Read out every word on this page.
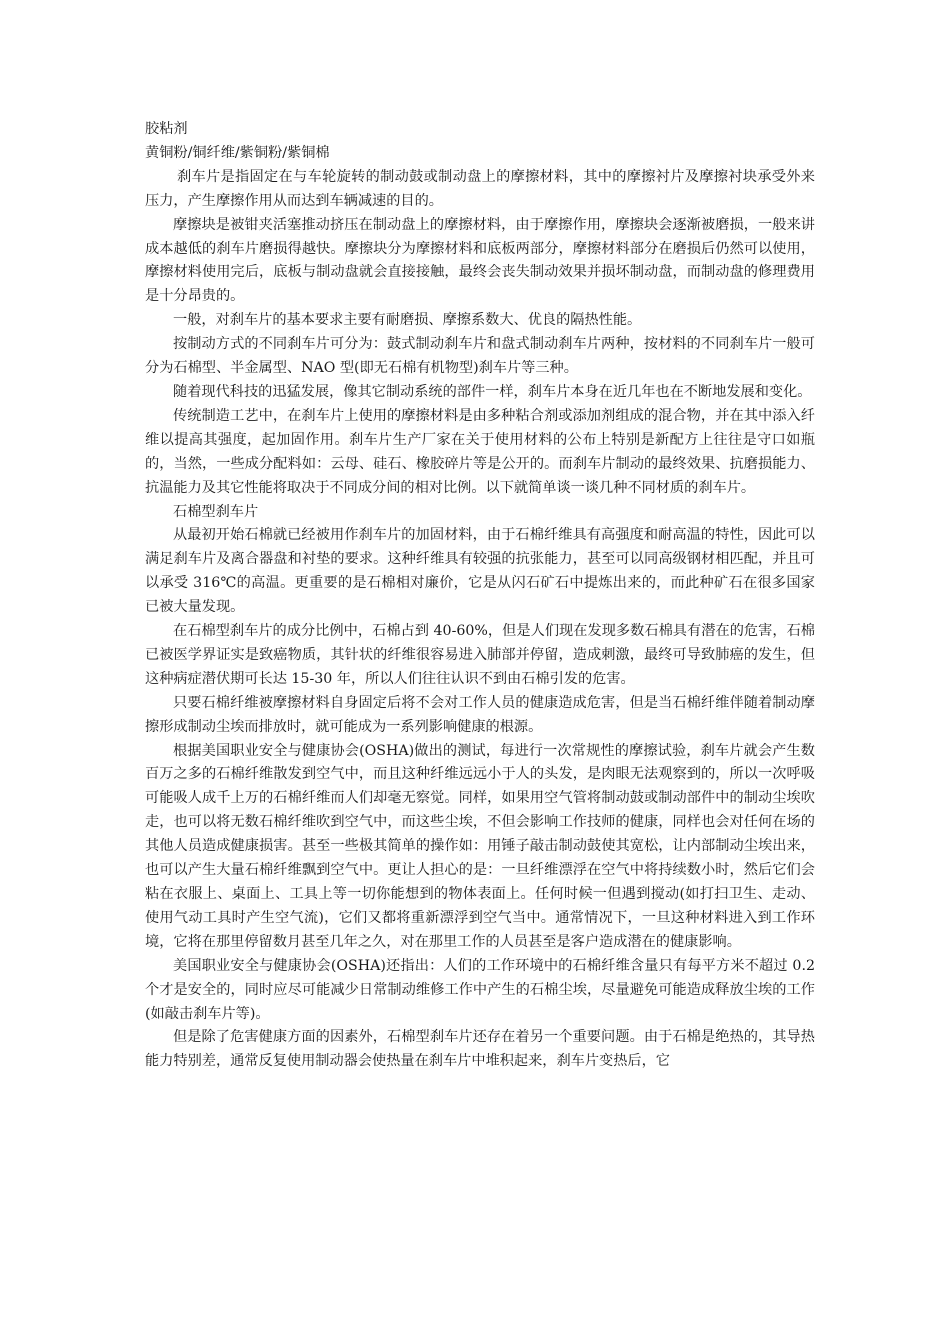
胶粘剂

黄铜粉/铜纤维/紫铜粉/紫铜棉

刹车片是指固定在与车轮旋转的制动鼓或制动盘上的摩擦材料，其中的摩擦衬片及摩擦衬块承受外来压力，产生摩擦作用从而达到车辆减速的目的。

摩擦块是被钳夹活塞推动挤压在制动盘上的摩擦材料，由于摩擦作用，摩擦块会逐渐被磨损，一般来讲成本越低的刹车片磨损得越快。摩擦块分为摩擦材料和底板两部分，摩擦材料部分在磨损后仍然可以使用，摩擦材料使用完后，底板与制动盘就会直接接触，最终会丧失制动效果并损坏制动盘，而制动盘的修理费用是十分昂贵的。

一般，对刹车片的基本要求主要有耐磨损、摩擦系数大、优良的隔热性能。

按制动方式的不同刹车片可分为：鼓式制动刹车片和盘式制动刹车片两种，按材料的不同刹车片一般可分为石棉型、半金属型、NAO 型(即无石棉有机物型)刹车片等三种。

随着现代科技的迅猛发展，像其它制动系统的部件一样，刹车片本身在近几年也在不断地发展和变化。

传统制造工艺中，在刹车片上使用的摩擦材料是由多种粘合剂或添加剂组成的混合物，并在其中添入纤维以提高其强度，起加固作用。刹车片生产厂家在关于使用材料的公布上特别是新配方上往往是守口如瓶的，当然，一些成分配料如：云母、硅石、橡胶碎片等是公开的。而刹车片制动的最终效果、抗磨损能力、抗温能力及其它性能将取决于不同成分间的相对比例。以下就简单谈一谈几种不同材质的刹车片。

石棉型刹车片

从最初开始石棉就已经被用作刹车片的加固材料，由于石棉纤维具有高强度和耐高温的特性，因此可以满足刹车片及离合器盘和衬垫的要求。这种纤维具有较强的抗张能力，甚至可以同高级钢材相匹配，并且可以承受 316℃的高温。更重要的是石棉相对廉价，它是从闪石矿石中提炼出来的，而此种矿石在很多国家已被大量发现。

在石棉型刹车片的成分比例中，石棉占到 40-60%，但是人们现在发现多数石棉具有潜在的危害，石棉已被医学界证实是致癌物质，其针状的纤维很容易进入肺部并停留，造成刺激，最终可导致肺癌的发生，但这种病症潜伏期可长达 15-30 年，所以人们往往认识不到由石棉引发的危害。

只要石棉纤维被摩擦材料自身固定后将不会对工作人员的健康造成危害，但是当石棉纤维伴随着制动摩擦形成制动尘埃而排放时，就可能成为一系列影响健康的根源。

根据美国职业安全与健康协会(OSHA)做出的测试，每进行一次常规性的摩擦试验，刹车片就会产生数百万之多的石棉纤维散发到空气中，而且这种纤维远远小于人的头发，是肉眼无法观察到的，所以一次呼吸可能吸人成千上万的石棉纤维而人们却毫无察觉。同样，如果用空气管将制动鼓或制动部件中的制动尘埃吹走，也可以将无数石棉纤维吹到空气中，而这些尘埃，不但会影响工作技师的健康，同样也会对任何在场的其他人员造成健康损害。甚至一些极其简单的操作如：用锤子敲击制动鼓使其宽松，让内部制动尘埃出来，也可以产生大量石棉纤维飘到空气中。更让人担心的是：一旦纤维漂浮在空气中将持续数小时，然后它们会粘在衣服上、桌面上、工具上等一切你能想到的物体表面上。任何时候一但遇到搅动(如打扫卫生、走动、使用气动工具时产生空气流)，它们又都将重新漂浮到空气当中。通常情况下，一旦这种材料进入到工作环境，它将在那里停留数月甚至几年之久，对在那里工作的人员甚至是客户造成潜在的健康影响。

美国职业安全与健康协会(OSHA)还指出：人们的工作环境中的石棉纤维含量只有每平方米不超过 0.2 个才是安全的，同时应尽可能减少日常制动维修工作中产生的石棉尘埃，尽量避免可能造成释放尘埃的工作(如敲击刹车片等)。

但是除了危害健康方面的因素外，石棉型刹车片还存在着另一个重要问题。由于石棉是绝热的，其导热能力特别差，通常反复使用制动器会使热量在刹车片中堆积起来，刹车片变热后，它
